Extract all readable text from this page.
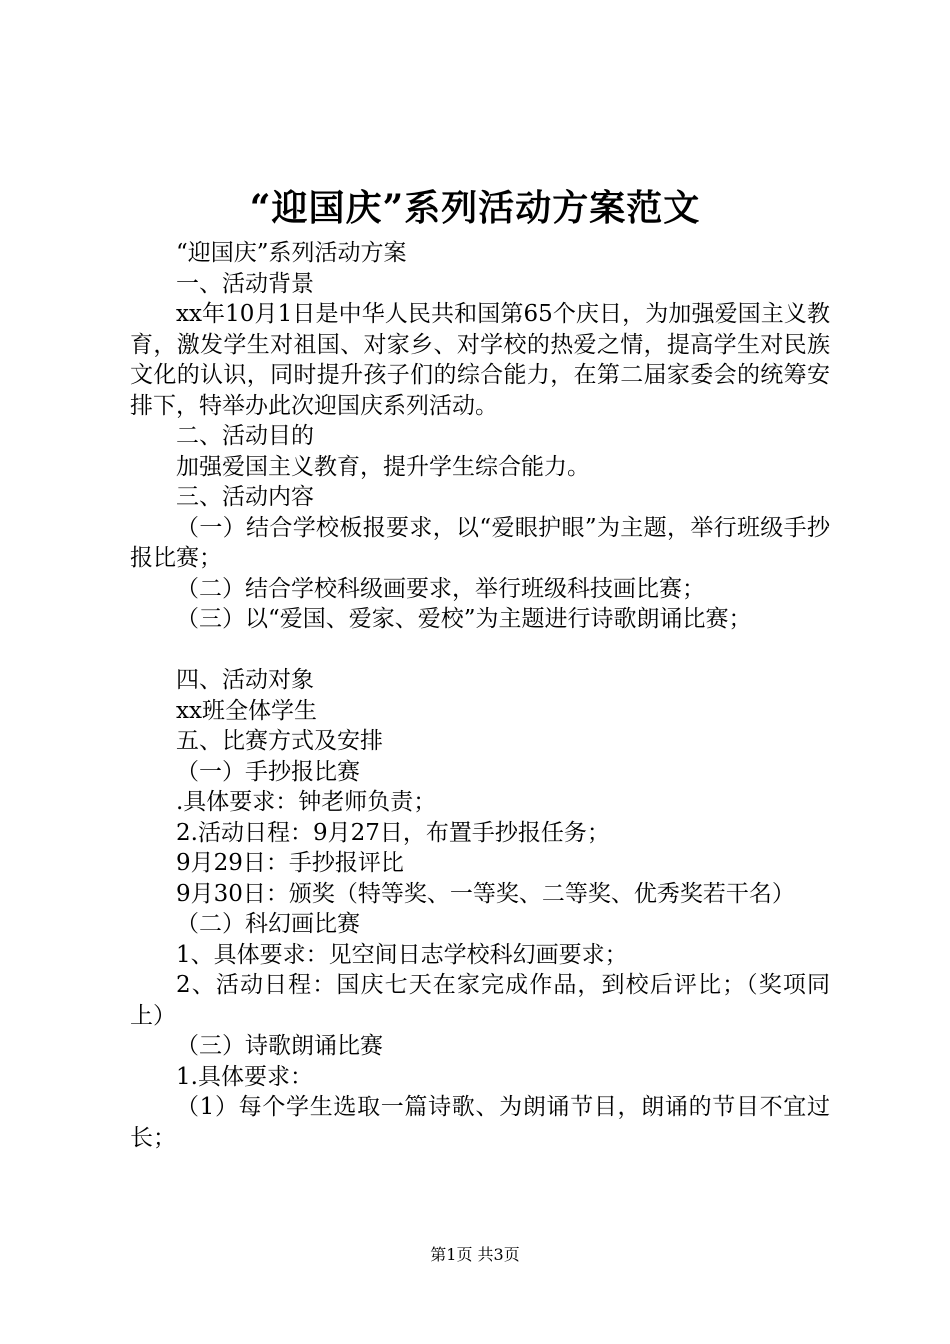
“迎国庆”系列活动方案范文

“迎国庆”系列活动方案

一、活动背景

xx年10月1日是中华人民共和国第65个庆日，为加强爱国主义教育，激发学生对祖国、对家乡、对学校的热爱之情，提高学生对民族文化的认识，同时提升孩子们的综合能力，在第二届家委会的统筹安排下，特举办此次迎国庆系列活动。

二、活动目的

加强爱国主义教育，提升学生综合能力。

三、活动内容

（一）结合学校板报要求，以“爱眼护眼”为主题，举行班级手抄报比赛；

（二）结合学校科级画要求，举行班级科技画比赛；

（三）以“爱国、爱家、爱校”为主题进行诗歌朗诵比赛；

四、活动对象

xx班全体学生

五、比赛方式及安排

（一）手抄报比赛

.具体要求：钟老师负责；

2.活动日程：9月27日，布置手抄报任务；

9月29日：手抄报评比

9月30日：颁奖（特等奖、一等奖、二等奖、优秀奖若干名）

（二）科幻画比赛

1、具体要求：见空间日志学校科幻画要求；

2、活动日程：国庆七天在家完成作品，到校后评比；（奖项同上）

（三）诗歌朗诵比赛

1.具体要求：

（1）每个学生选取一篇诗歌、为朗诵节目，朗诵的节目不宜过长；

第1页 共3页
